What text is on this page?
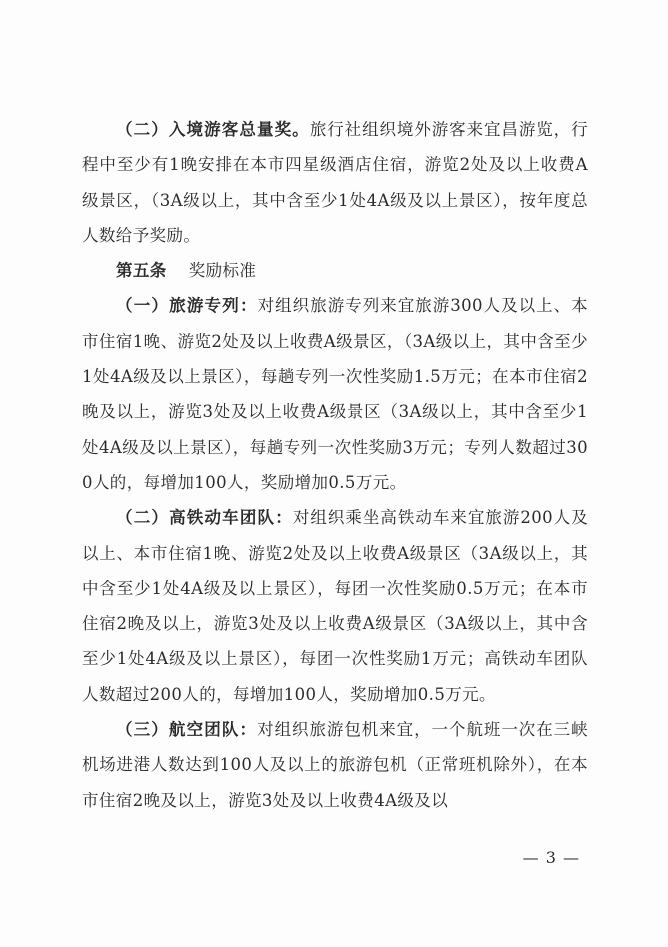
（二）入境游客总量奖。旅行社组织境外游客来宜昌游览，行程中至少有1晚安排在本市四星级酒店住宿，游览2处及以上收费A级景区，（3A级以上，其中含至少1处4A级及以上景区），按年度总人数给予奖励。

第五条 奖励标准

（一）旅游专列：对组织旅游专列来宜旅游300人及以上、本市住宿1晚、游览2处及以上收费A级景区，（3A级以上，其中含至少1处4A级及以上景区），每趟专列一次性奖励1.5万元；在本市住宿2晚及以上，游览3处及以上收费A级景区（3A级以上，其中含至少1处4A级及以上景区），每趟专列一次性奖励3万元；专列人数超过300人的，每增加100人，奖励增加0.5万元。

（二）高铁动车团队：对组织乘坐高铁动车来宜旅游200人及以上、本市住宿1晚、游览2处及以上收费A级景区（3A级以上，其中含至少1处4A级及以上景区），每团一次性奖励0.5万元；在本市住宿2晚及以上，游览3处及以上收费A级景区（3A级以上，其中含至少1处4A级及以上景区），每团一次性奖励1万元；高铁动车团队人数超过200人的，每增加100人，奖励增加0.5万元。

（三）航空团队：对组织旅游包机来宜，一个航班一次在三峡机场进港人数达到100人及以上的旅游包机（正常班机除外），在本市住宿2晚及以上，游览3处及以上收费4A级及以

— 3 —
